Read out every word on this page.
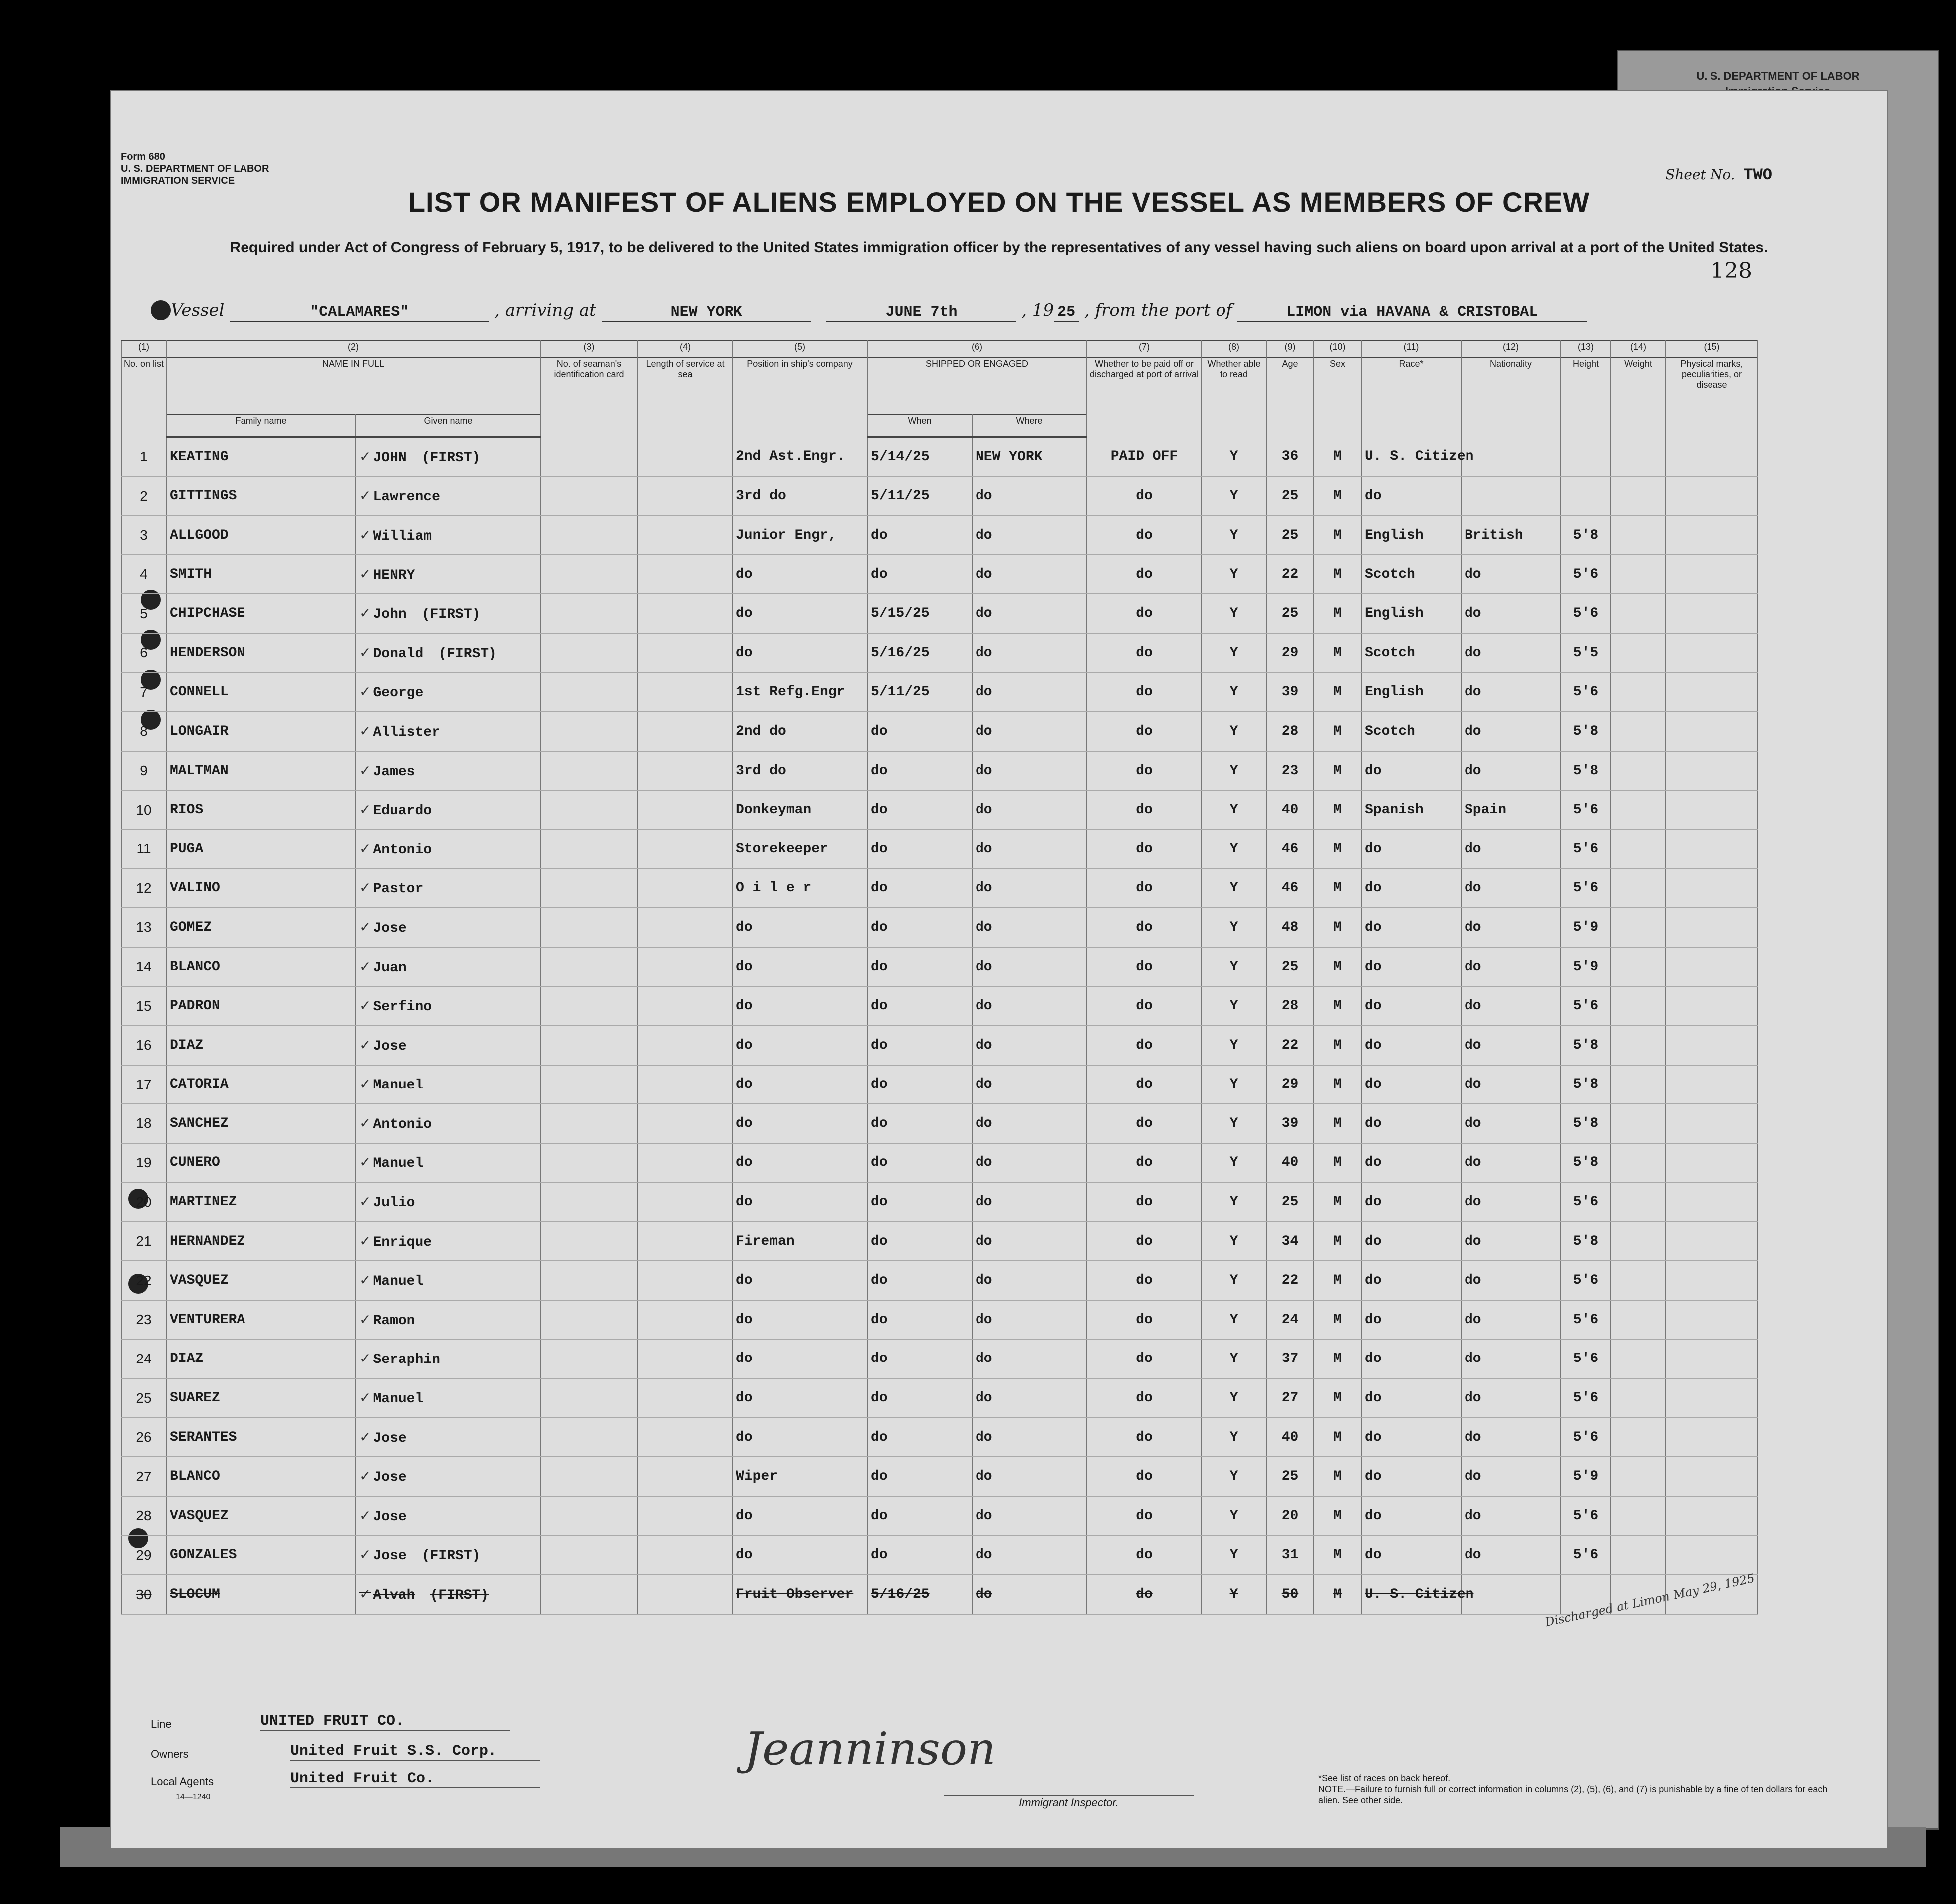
U. S. DEPARTMENT OF LABOR
Form 680
U. S. DEPARTMENT OF LABOR
IMMIGRATION SERVICE	Sheet No. TWO
LIST OR MANIFEST OF ALIENS EMPLOYED ON THE VESSEL AS MEMBERS OF CREW
Required under Act of Congress of February 5, 1917, to be delivered to the United States immigration officer by the representatives of any vessel having such aliens on board upon arrival at a port of the United States.
128
Vessel	"CALAMARES"	, arriving at	NEW YORK	JUNE 7th	, 19 25 , from the port of	LIMON via HAVANA & CRISTOBAL
(1)	(2)		(3)	(4)	(5)	(6)		(7)	(8)	(9)	(10)	(11)	(12)	(13)	(14)	(15)
No. on list	NAME IN FULL		No. of seaman's identification card	Length of service at sea	Position in ship's company	SHIPPED OR ENGAGED		Whether to be paid off or discharged at port of arrival	Whether able to read	Age	Sex	Race*	Nationality	Height	Weight	Physical marks, peculiarities, or disease
	Family name	Given name				When	Where									
1	KEATING	✓ JOHN (FIRST)			2nd Ast.Engr.	5/14/25	NEW YORK	PAID OFF	Y	36	M	U. S. Citizen				
2	GITTINGS	✓ Lawrence			3rd do	5/11/25	do	do	Y	25	M	do				
3	ALLGOOD	✓ William			Junior Engr,	do	do	do	Y	25	M	English	British	5'8		
4	SMITH	✓ HENRY			do	do	do	do	Y	22	M	Scotch	do	5'6		
5	CHIPCHASE	✓ John (FIRST)			do	5/15/25	do	do	Y	25	M	English	do	5'6		
6	HENDERSON	✓ Donald (FIRST)			do	5/16/25	do	do	Y	29	M	Scotch	do	5'5		
7	CONNELL	✓ George			1st Refg.Engr	5/11/25	do	do	Y	39	M	English	do	5'6		
8	LONGAIR	✓ Allister			2nd do	do	do	do	Y	28	M	Scotch	do	5'8		
9	MALTMAN	✓ James			3rd do	do	do	do	Y	23	M	do	do	5'8		
10	RIOS	✓ Eduardo			Donkeyman	do	do	do	Y	40	M	Spanish	Spain	5'6		
11	PUGA	✓ Antonio			Storekeeper	do	do	do	Y	46	M	do	do	5'6		
12	VALINO	✓ Pastor			O i l e r	do	do	do	Y	46	M	do	do	5'6		
13	GOMEZ	✓ Jose			do	do	do	do	Y	48	M	do	do	5'9		
14	BLANCO	✓ Juan			do	do	do	do	Y	25	M	do	do	5'9		
15	PADRON	✓ Serfino			do	do	do	do	Y	28	M	do	do	5'6		
16	DIAZ	✓ Jose			do	do	do	do	Y	22	M	do	do	5'8		
17	CATORIA	✓ Manuel			do	do	do	do	Y	29	M	do	do	5'8		
18	SANCHEZ	✓ Antonio			do	do	do	do	Y	39	M	do	do	5'8		
19	CUNERO	✓ Manuel			do	do	do	do	Y	40	M	do	do	5'8		
20	MARTINEZ	✓ Julio			do	do	do	do	Y	25	M	do	do	5'6		
21	HERNANDEZ	✓ Enrique			Fireman	do	do	do	Y	34	M	do	do	5'8		
22	VASQUEZ	✓ Manuel			do	do	do	do	Y	22	M	do	do	5'6		
23	VENTURERA	✓ Ramon			do	do	do	do	Y	24	M	do	do	5'6		
24	DIAZ	✓ Seraphin			do	do	do	do	Y	37	M	do	do	5'6		
25	SUAREZ	✓ Manuel			do	do	do	do	Y	27	M	do	do	5'6		
26	SERANTES	✓ Jose			do	do	do	do	Y	40	M	do	do	5'6		
27	BLANCO	✓ Jose			Wiper	do	do	do	Y	25	M	do	do	5'9		
28	VASQUEZ	✓ Jose			do	do	do	do	Y	20	M	do	do	5'6		
29	GONZALES	✓ Jose (FIRST)			do	do	do	do	Y	31	M	do	do	5'6		
30	SLOCUM	✓ Alvah (FIRST)			Fruit Observer	5/16/25	do	do	Y	50	M	U. S. Citizen					Discharged at Limon May 29, 1925
Line	UNITED FRUIT CO.
Owners	United Fruit S.S. Corp.
Local Agents	United Fruit Co.
14—1240
Jeanninson
Immigrant Inspector.
*See list of races on back hereof.
NOTE.—Failure to furnish full or correct information in columns (2), (5), (6), and (7) is punishable by a fine of ten dollars for each alien. See other side.
